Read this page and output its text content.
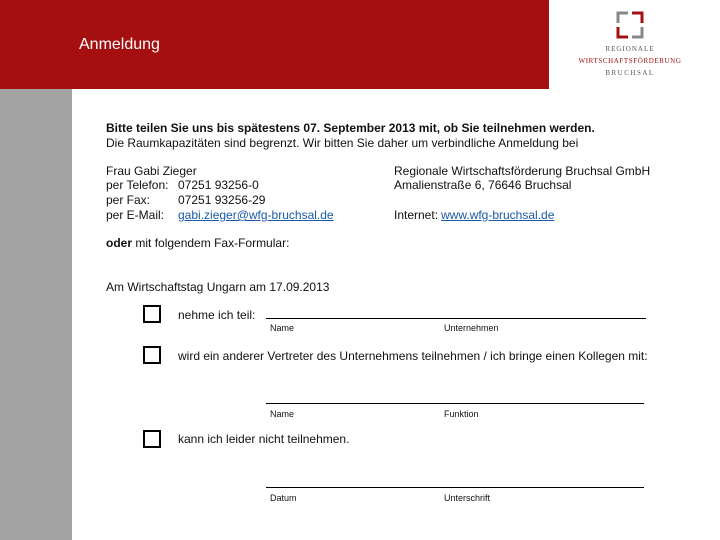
Anmeldung	REGIONALE
WIRTSCHAFTSFÖRDERUNG
BRUCHSAL
Bitte teilen Sie uns bis spätestens 07. September 2013 mit, ob Sie teilnehmen werden.
Die Raumkapazitäten sind begrenzt. Wir bitten Sie daher um verbindliche Anmeldung bei
Frau Gabi Zieger
per Telefon: 07251 93256-0
per Fax: 07251 93256-29
per E-Mail: gabi.zieger@wfg-bruchsal.de
Regionale Wirtschaftsförderung Bruchsal GmbH
Amalienstraße 6, 76646 Bruchsal
Internet: www.wfg-bruchsal.de
oder mit folgendem Fax-Formular:
Am Wirtschaftstag Ungarn am 17.09.2013
nehme ich teil:
Name	Unternehmen
wird ein anderer Vertreter des Unternehmens teilnehmen / ich bringe einen Kollegen mit:
Name	Funktion
kann ich leider nicht teilnehmen.
Datum	Unterschrift
